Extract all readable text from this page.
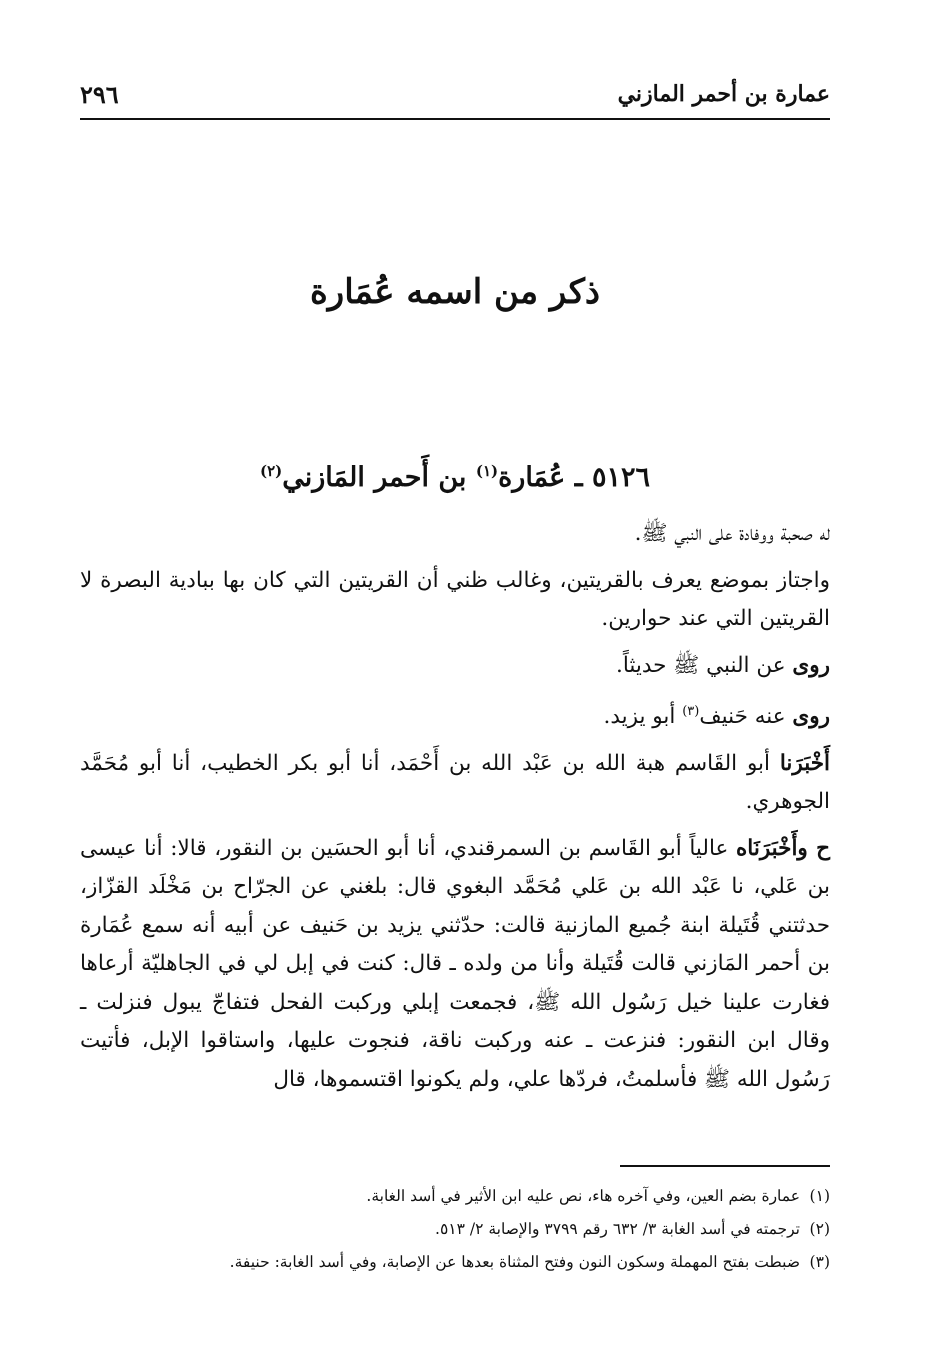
عمارة بن أحمر المازني
٢٩٦
ذكر من اسمه عُمَارة
٥١٢٦ ـ عُمَارة$^{(١)}$ بن أَحمر المَازني$^{(٢)}$

له صحبة ووفادة على النبي ﷺ.

واجتاز بموضع يعرف بالقريتين، وغالب ظني أن القريتين التي كان بها ببادية البصرة لا القريتين التي عند حوارين.

روى عن النبي ﷺ حديثاً.

روى عنه حَنيف$^{(٣)}$ أبو يزيد.

أَخْبَرَنا أبو القَاسم هبة الله بن عَبْد الله بن أَحْمَد، أنا أبو بكر الخطيب، أنا أبو مُحَمَّد الجوهري.

ح وأَخْبَرَنَاه عالياً أبو القَاسم بن السمرقندي، أنا أبو الحسَين بن النقور، قالا: أنا عيسى بن عَلي، نا عَبْد الله بن عَلي مُحَمَّد البغوي قال: بلغني عن الجرّاح بن مَخْلَد القزّاز، حدثتني قُتَيلة ابنة جُميع المازنية قالت: حدّثني يزيد بن حَنيف عن أبيه أنه سمع عُمَارة بن أحمر المَازني قالت قُتَيلة وأنا من ولده ـ قال: كنت في إبل لي في الجاهليّة أرعاها فغارت علينا خيل رَسُول الله ﷺ، فجمعت إبلي وركبت الفحل فتفاجّ يبول فنزلت ـ وقال ابن النقور: فنزعت ـ عنه وركبت ناقة، فنجوت عليها، واستاقوا الإبل، فأتيت رَسُول الله ﷺ فأسلمتُ، فردّها علي، ولم يكونوا اقتسموها، قال

(١)عمارة بضم العين، وفي آخره هاء، نص عليه ابن الأثير في أسد الغابة.

(٢)ترجمته في أسد الغابة ٣/ ٦٣٢ رقم ٣٧٩٩ والإصابة ٢/ ٥١٣.

(٣)ضبطت بفتح المهملة وسكون النون وفتح المثناة بعدها عن الإصابة، وفي أسد الغابة: حنيفة.
